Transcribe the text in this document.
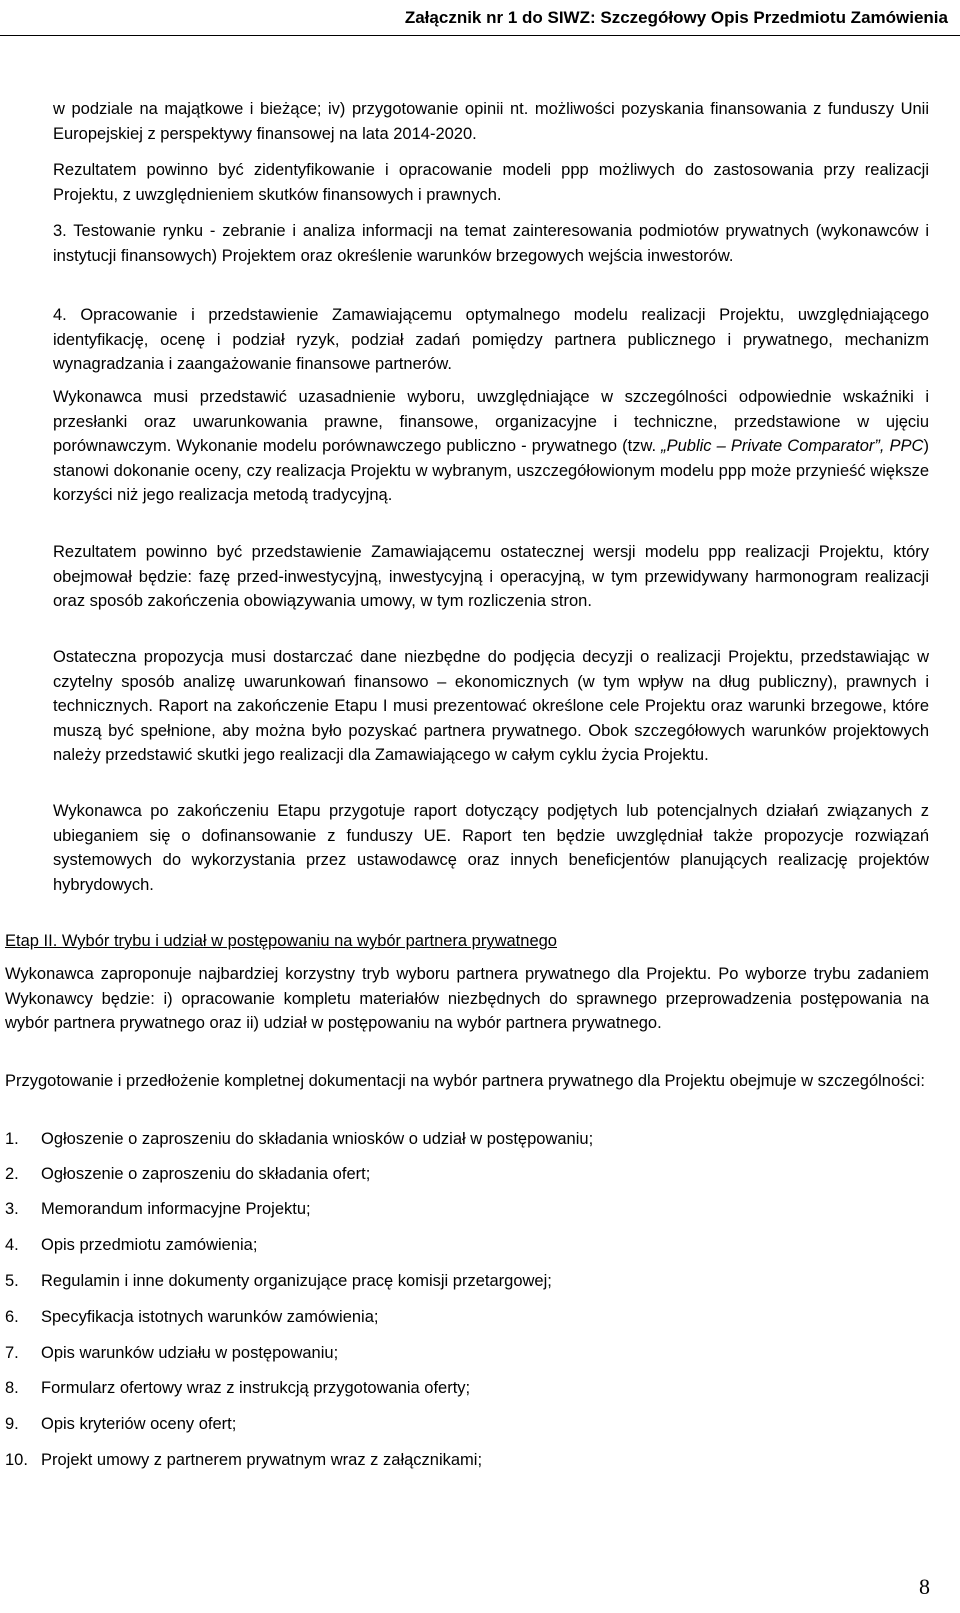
Załącznik nr 1 do SIWZ: Szczegółowy Opis Przedmiotu Zamówienia

w podziale na majątkowe i bieżące; iv) przygotowanie opinii nt. możliwości pozyskania finansowania z funduszy Unii Europejskiej z perspektywy finansowej na lata 2014-2020.

Rezultatem powinno być zidentyfikowanie i opracowanie modeli ppp możliwych do zastosowania przy realizacji Projektu, z uwzględnieniem skutków finansowych i prawnych.

3. Testowanie rynku - zebranie i analiza informacji na temat zainteresowania podmiotów prywatnych (wykonawców i instytucji finansowych) Projektem oraz określenie warunków brzegowych wejścia inwestorów.

4. Opracowanie i przedstawienie Zamawiającemu optymalnego modelu realizacji Projektu, uwzględniającego identyfikację, ocenę i podział ryzyk, podział zadań pomiędzy partnera publicznego i prywatnego, mechanizm wynagradzania i zaangażowanie finansowe partnerów.

Wykonawca musi przedstawić uzasadnienie wyboru, uwzględniające w szczególności odpowiednie wskaźniki i przesłanki oraz uwarunkowania prawne, finansowe, organizacyjne i techniczne, przedstawione w ujęciu porównawczym. Wykonanie modelu porównawczego publiczno - prywatnego (tzw. „Public – Private Comparator”, PPC) stanowi dokonanie oceny, czy realizacja Projektu w wybranym, uszczegółowionym modelu ppp może przynieść większe korzyści niż jego realizacja metodą tradycyjną.

Rezultatem powinno być przedstawienie Zamawiającemu ostatecznej wersji modelu ppp realizacji Projektu, który obejmował będzie: fazę przed-inwestycyjną, inwestycyjną i operacyjną, w tym przewidywany harmonogram realizacji oraz sposób zakończenia obowiązywania umowy, w tym rozliczenia stron.

Ostateczna propozycja musi dostarczać dane niezbędne do podjęcia decyzji o realizacji Projektu, przedstawiając w czytelny sposób analizę uwarunkowań finansowo – ekonomicznych (w tym wpływ na dług publiczny), prawnych i technicznych. Raport na zakończenie Etapu I musi prezentować określone cele Projektu oraz warunki brzegowe, które muszą być spełnione, aby można było pozyskać partnera prywatnego. Obok szczegółowych warunków projektowych należy przedstawić skutki jego realizacji dla Zamawiającego w całym cyklu życia Projektu.

Wykonawca po zakończeniu Etapu przygotuje raport dotyczący podjętych lub potencjalnych działań związanych z ubieganiem się o dofinansowanie z funduszy UE. Raport ten będzie uwzględniał także propozycje rozwiązań systemowych do wykorzystania przez ustawodawcę oraz innych beneficjentów planujących realizację projektów hybrydowych.

Etap II. Wybór trybu i udział w postępowaniu na wybór partnera prywatnego

Wykonawca zaproponuje najbardziej korzystny tryb wyboru partnera prywatnego dla Projektu. Po wyborze trybu zadaniem Wykonawcy będzie: i) opracowanie kompletu materiałów niezbędnych do sprawnego przeprowadzenia postępowania na wybór partnera prywatnego oraz ii) udział w postępowaniu na wybór partnera prywatnego.

Przygotowanie i przedłożenie kompletnej dokumentacji na wybór partnera prywatnego dla Projektu obejmuje w szczególności:

1. Ogłoszenie o zaproszeniu do składania wniosków o udział w postępowaniu;
2. Ogłoszenie o zaproszeniu do składania ofert;
3. Memorandum informacyjne Projektu;
4. Opis przedmiotu zamówienia;
5. Regulamin i inne dokumenty organizujące pracę komisji przetargowej;
6. Specyfikacja istotnych warunków zamówienia;
7. Opis warunków udziału w postępowaniu;
8. Formularz ofertowy wraz z instrukcją przygotowania oferty;
9. Opis kryteriów oceny ofert;
10. Projekt umowy z partnerem prywatnym wraz z załącznikami;
8
